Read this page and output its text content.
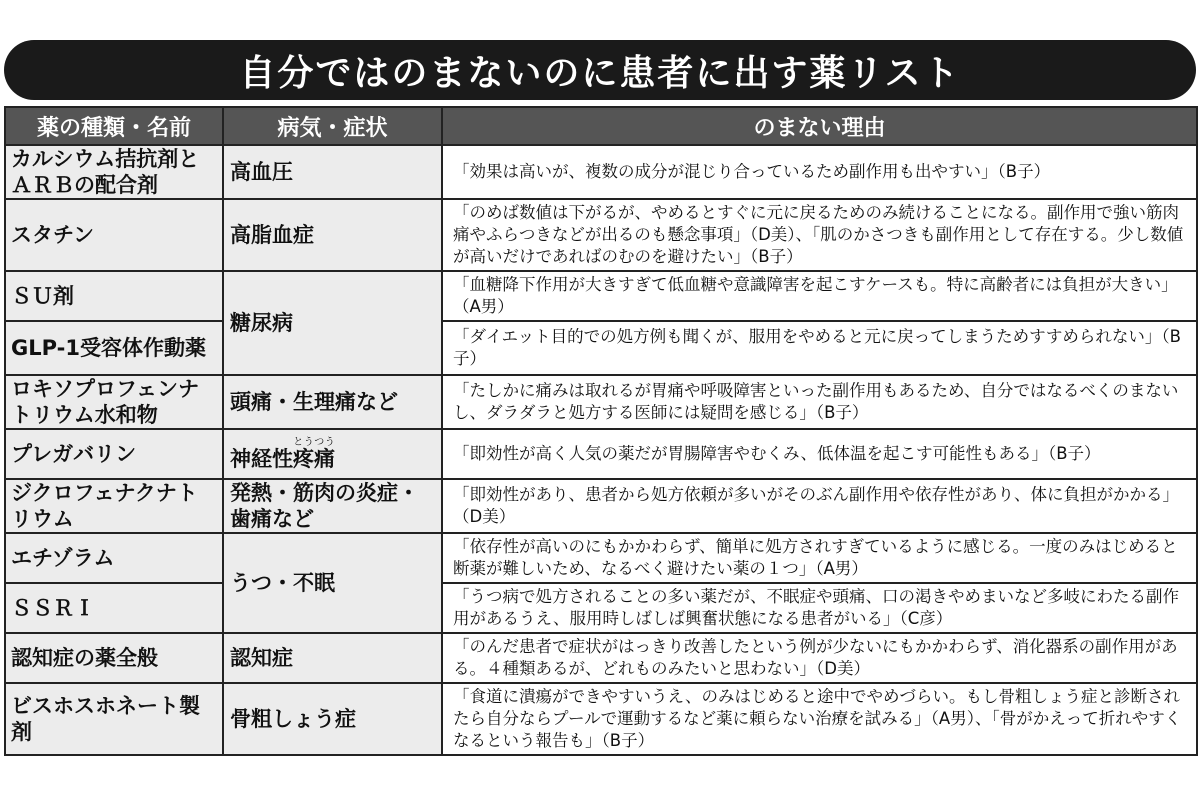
自分ではのまないのに患者に出す薬リスト
薬の種類・名前	病気・症状	のまない理由
カルシウム拮抗剤とＡＲＢの配合剤	高血圧	「効果は高いが、複数の成分が混じり合っているため副作用も出やすい」（B子）
スタチン	高脂血症	「のめば数値は下がるが、やめるとすぐに元に戻るためのみ続けることになる。副作用で強い筋肉痛やふらつきなどが出るのも懸念事項」（D美）、「肌のかさつきも副作用として存在する。少し数値が高いだけであればのむのを避けたい」（B子）
ＳＵ剤	糖尿病	「血糖降下作用が大きすぎて低血糖や意識障害を起こすケースも。特に高齢者には負担が大きい」（A男）
GLP-1受容体作動薬		「ダイエット目的での処方例も聞くが、服用をやめると元に戻ってしまうためすすめられない」（B子）
ロキソプロフェンナトリウム水和物	頭痛・生理痛など	「たしかに痛みは取れるが胃痛や呼吸障害といった副作用もあるため、自分ではなるべくのまないし、ダラダラと処方する医師には疑問を感じる」（B子）
プレガバリン	神経性疼痛とうつう	「即効性が高く人気の薬だが胃腸障害やむくみ、低体温を起こす可能性もある」（B子）
ジクロフェナクナトリウム	発熱・筋肉の炎症・歯痛など	「即効性があり、患者から処方依頼が多いがそのぶん副作用や依存性があり、体に負担がかかる」（D美）
エチゾラム	うつ・不眠	「依存性が高いのにもかかわらず、簡単に処方されすぎているように感じる。一度のみはじめると断薬が難しいため、なるべく避けたい薬の１つ」（A男）
ＳＳＲＩ		「うつ病で処方されることの多い薬だが、不眠症や頭痛、口の渇きやめまいなど多岐にわたる副作用があるうえ、服用時しばしば興奮状態になる患者がいる」（C彦）
認知症の薬全般	認知症	「のんだ患者で症状がはっきり改善したという例が少ないにもかかわらず、消化器系の副作用がある。４種類あるが、どれものみたいと思わない」（D美）
ビスホスホネート製剤	骨粗しょう症	「食道に潰瘍ができやすいうえ、のみはじめると途中でやめづらい。もし骨粗しょう症と診断されたら自分ならプールで運動するなど薬に頼らない治療を試みる」（A男）、「骨がかえって折れやすくなるという報告も」（B子）
